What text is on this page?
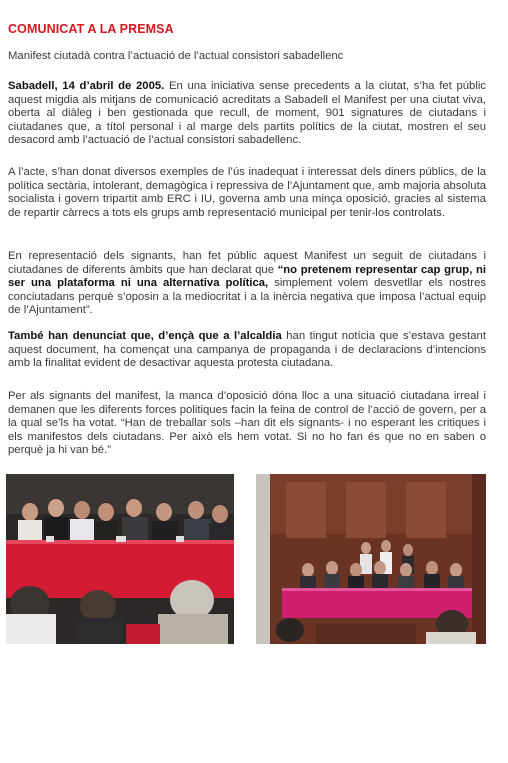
COMUNICAT A LA PREMSA

Manifest ciutadà contra l’actuació de l’actual consistori sabadellenc

Sabadell, 14 d’abril de 2005. En una iniciativa sense precedents a la ciutat, s’ha fet públic aquest migdia als mitjans de comunicació acreditats a Sabadell el Manifest per una ciutat viva, oberta al diàleg i ben gestionada que recull, de moment, 901 signatures de ciutadans i ciutadanes que, a títol personal i al marge dels partits polítics de la ciutat, mostren el seu desacord amb l’actuació de l’actual consistori sabadellenc.

A l’acte, s’han donat diversos exemples de l’ús inadequat i interessat dels diners públics, de la política sectària, intolerant, demagògica i repressiva de l’Ajuntament que, amb majoria absoluta socialista i govern tripartit amb ERC i IU, governa amb una minça oposició, gracies al sistema de repartir càrrecs a tots els grups amb representació municipal per tenir-los controlats.

En representació dels signants, han fet públic aquest Manifest un seguit de ciutadans i ciutadanes de diferents àmbits que han declarat que “no pretenem representar cap grup, ni ser una plataforma ni una alternativa política, simplement volem desvetllar els nostres conciutadans perquè s’oposin a la mediocritat i a la inèrcia negativa que imposa l’actual equip de l’Ajuntament”.

També han denunciat que, d’ençà que a l’alcaldia han tingut notícia que s’estava gestant aquest document, ha començat una campanya de propaganda i de declaracions d’intencions amb la finalitat evident de desactivar aquesta protesta ciutadana.

Per als signants del manifest, la manca d’oposició dóna lloc a una situació ciutadana irreal i demanen que les diferents forces politiques facin la feina de control de l’acció de govern, per a la qual se’ls ha votat. “Han de treballar sols –han dit els signants- i no esperant les critiques i els manifestos dels ciutadans. Per això els hem votat. Si no ho fan és que no en saben o perquè ja hi van bé.”
